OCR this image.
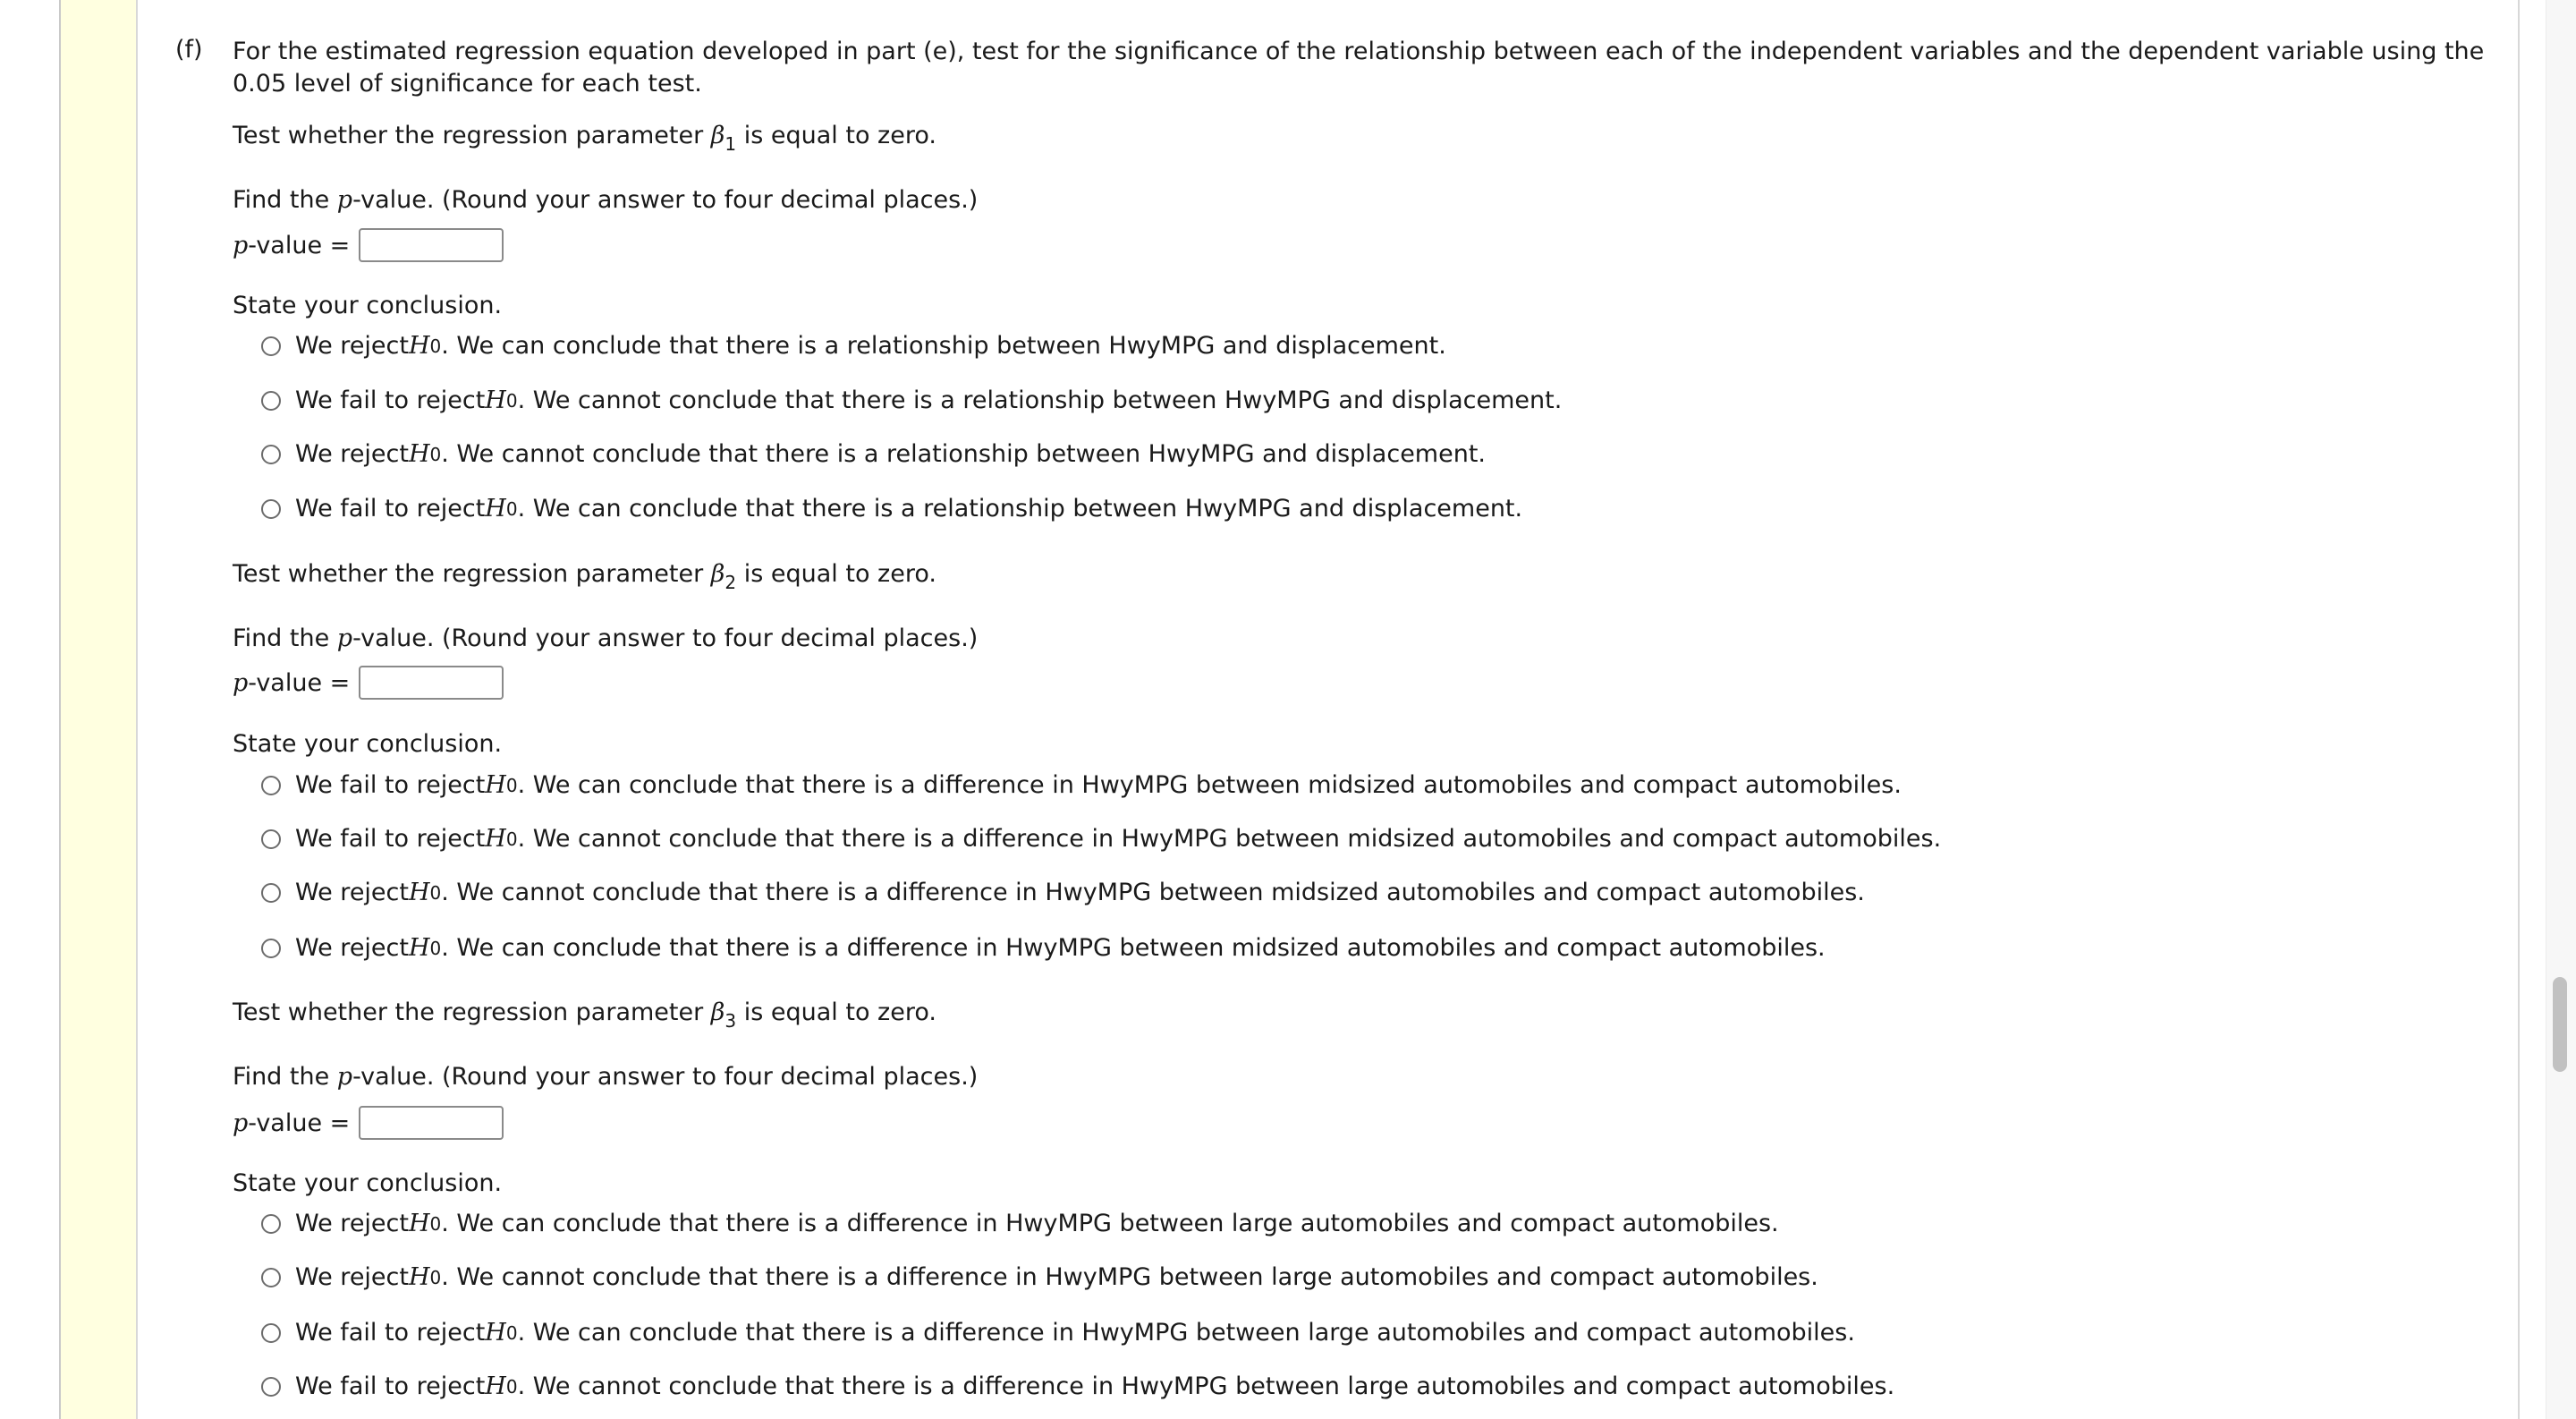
(f) For the estimated regression equation developed in part (e), test for the significance of the relationship between each of the independent variables and the dependent variable using the 0.05 level of significance for each test.
Test whether the regression parameter $\beta_1$ is equal to zero.
Find the p-value. (Round your answer to four decimal places.)
p -value =
State your conclusion.
We reject H 0 . We can conclude that there is a relationship between HwyMPG and displacement.
We fail to reject H 0 . We cannot conclude that there is a relationship between HwyMPG and displacement.
We reject H 0 . We cannot conclude that there is a relationship between HwyMPG and displacement.
We fail to reject H 0 . We can conclude that there is a relationship between HwyMPG and displacement.
Test whether the regression parameter $\beta_2$ is equal to zero.
Find the p-value. (Round your answer to four decimal places.)
p -value =
State your conclusion.
We fail to reject H 0 . We can conclude that there is a difference in HwyMPG between midsized automobiles and compact automobiles.
We fail to reject H 0 . We cannot conclude that there is a difference in HwyMPG between midsized automobiles and compact automobiles.
We reject H 0 . We cannot conclude that there is a difference in HwyMPG between midsized automobiles and compact automobiles.
We reject H 0 . We can conclude that there is a difference in HwyMPG between midsized automobiles and compact automobiles.
Test whether the regression parameter $\beta_3$ is equal to zero.
Find the p-value. (Round your answer to four decimal places.)
p -value =
State your conclusion.
We reject H 0 . We can conclude that there is a difference in HwyMPG between large automobiles and compact automobiles.
We reject H 0 . We cannot conclude that there is a difference in HwyMPG between large automobiles and compact automobiles.
We fail to reject H 0 . We can conclude that there is a difference in HwyMPG between large automobiles and compact automobiles.
We fail to reject H 0 . We cannot conclude that there is a difference in HwyMPG between large automobiles and compact automobiles.
